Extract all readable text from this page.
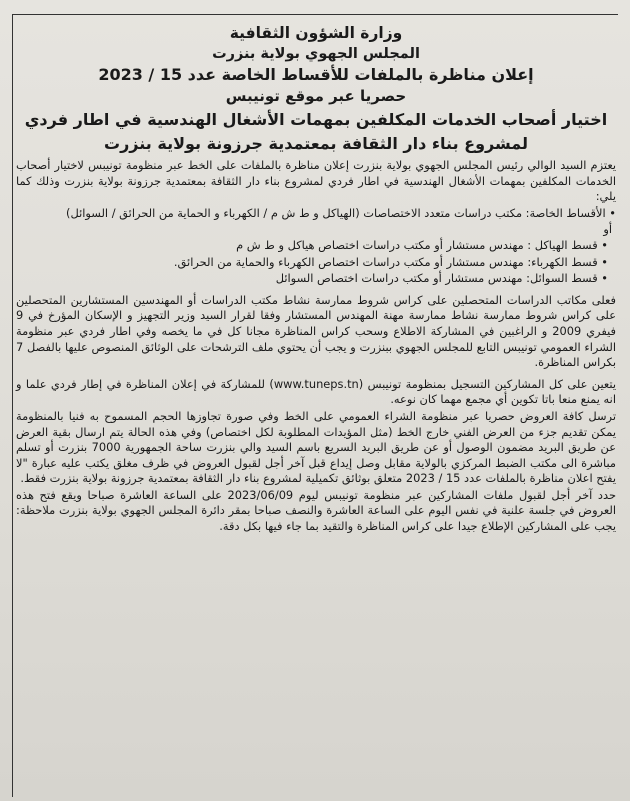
وزارة الشؤون الثقافية
المجلس الجهوي بولاية بنزرت
إعلان مناظرة بالملفات للأقساط الخاصة عدد 15 / 2023
حصريا عبر موقع تونيبس
اختيار أصحاب الخدمات المكلفين بمهمات الأشغال الهندسية في اطار فردي
لمشروع بناء دار الثقافة بمعتمدية جرزونة بولاية بنزرت

يعتزم السيد الوالي رئيس المجلس الجهوي بولاية بنزرت إعلان مناظرة بالملفات على الخط عبر منظومة تونيبس لاختيار أصحاب الخدمات المكلفين بمهمات الأشغال الهندسية في اطار فردي لمشروع بناء دار الثقافة بمعتمدية جرزونة بولاية بنزرت وذلك كما يلي:

• الأقساط الخاصة: مكتب دراسات متعدد الاختصاصات (الهياكل و ط ش م / الكهرباء و الحماية من الحرائق / السوائل)

أو

• قسط الهياكل : مهندس مستشار أو مكتب دراسات اختصاص هياكل و ط ش م

• قسط الكهرباء: مهندس مستشار أو مكتب دراسات اختصاص الكهرباء والحماية من الحرائق.

• قسط السوائل: مهندس مستشار أو مكتب دراسات اختصاص السوائل

فعلى مكاتب الدراسات المتحصلين على كراس شروط ممارسة نشاط مكتب الدراسات أو المهندسين المستشارين المتحصلين على كراس شروط ممارسة نشاط ممارسة مهنة المهندس المستشار وفقا لقرار السيد وزير التجهيز و الإسكان المؤرخ في 9 فيفري 2009 و الراغبين في المشاركة الاطلاع وسحب كراس المناظرة مجانا كل في ما يخصه وفي اطار فردي عبر منظومة الشراء العمومي تونيبس التابع للمجلس الجهوي ببنزرت و يجب أن يحتوي ملف الترشحات على الوثائق المنصوص عليها بالفصل 7 بكراس المناظرة.

يتعين على كل المشاركين التسجيل بمنظومة تونيبس (www.tuneps.tn) للمشاركة في إعلان المناظرة في إطار فردي علما و انه يمنع منعا باتا تكوين أي مجمع مهما كان نوعه.

ترسل كافة العروض حصريا عبر منظومة الشراء العمومي على الخط وفي صورة تجاوزها الحجم المسموح به فنيا بالمنظومة يمكن تقديم جزء من العرض الفني خارج الخط (مثل المؤيدات المطلوبة لكل اختصاص) وفي هذه الحالة يتم ارسال بقية العرض عن طريق البريد مضمون الوصول أو عن طريق البريد السريع باسم السيد والي بنزرت ساحة الجمهورية 7000 بنزرت أو تسلم مباشرة الى مكتب الضبط المركزي بالولاية مقابل وصل إيداع قبل آخر أجل لقبول العروض في ظرف مغلق يكتب عليه عبارة "لا يفتح اعلان مناظرة بالملفات عدد 15 / 2023 متعلق بوثائق تكميلية لمشروع بناء دار الثقافة بمعتمدية جرزونة بولاية بنزرت فقط.

حدد آخر أجل لقبول ملفات المشاركين عبر منظومة تونيبس ليوم 2023/06/09 على الساعة العاشرة صباحا ويقع فتح هذه العروض في جلسة علنية في نفس اليوم على الساعة العاشرة والنصف صباحا بمقر دائرة المجلس الجهوي بولاية بنزرت ملاحظة: يجب على المشاركين الإطلاع جيدا على كراس المناظرة والتقيد بما جاء فيها بكل دقة.
